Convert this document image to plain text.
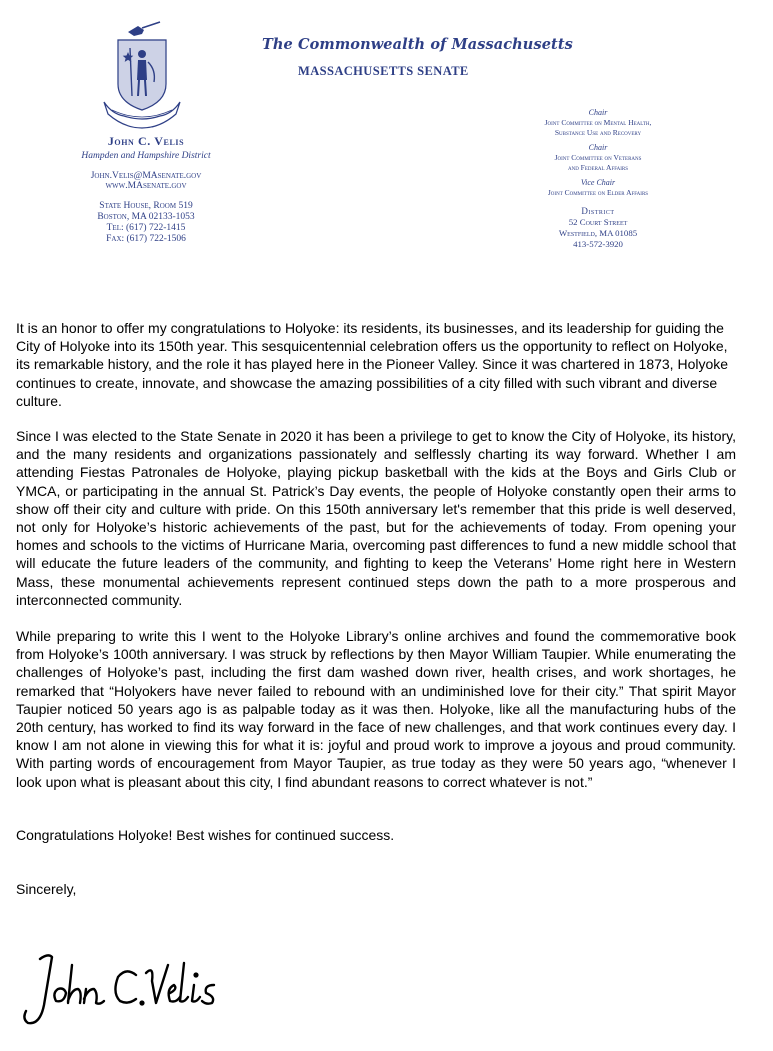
The Commonwealth of Massachusetts
MASSACHUSETTS SENATE
John C. Velis
Hampden and Hampshire District
John.Velis@MAsenate.gov
www.MAsenate.gov
State House, Room 519
Boston, MA 02133-1053
Tel: (617) 722-1415
Fax: (617) 722-1506
Chair
Joint Committee on Mental Health,
Substance Use and Recovery
Chair
Joint Committee on Veterans
and Federal Affairs
Vice Chair
Joint Committee on Elder Affairs
District
52 Court Street
Westfield, MA 01085
413-572-3920

It is an honor to offer my congratulations to Holyoke: its residents, its businesses, and its leadership for guiding the City of Holyoke into its 150th year. This sesquicentennial celebration offers us the opportunity to reflect on Holyoke, its remarkable history, and the role it has played here in the Pioneer Valley. Since it was chartered in 1873, Holyoke continues to create, innovate, and showcase the amazing possibilities of a city filled with such vibrant and diverse culture.

Since I was elected to the State Senate in 2020 it has been a privilege to get to know the City of Holyoke, its history, and the many residents and organizations passionately and selflessly charting its way forward. Whether I am attending Fiestas Patronales de Holyoke, playing pickup basketball with the kids at the Boys and Girls Club or YMCA, or participating in the annual St. Patrick’s Day events, the people of Holyoke constantly open their arms to show off their city and culture with pride. On this 150th anniversary let's remember that this pride is well deserved, not only for Holyoke’s historic achievements of the past, but for the achievements of today. From opening your homes and schools to the victims of Hurricane Maria, overcoming past differences to fund a new middle school that will educate the future leaders of the community, and fighting to keep the Veterans’ Home right here in Western Mass, these monumental achievements represent continued steps down the path to a more prosperous and interconnected community.

While preparing to write this I went to the Holyoke Library’s online archives and found the commemorative book from Holyoke’s 100th anniversary. I was struck by reflections by then Mayor William Taupier. While enumerating the challenges of Holyoke’s past, including the first dam washed down river, health crises, and work shortages, he remarked that “Holyokers have never failed to rebound with an undiminished love for their city.” That spirit Mayor Taupier noticed 50 years ago is as palpable today as it was then. Holyoke, like all the manufacturing hubs of the 20th century, has worked to find its way forward in the face of new challenges, and that work continues every day. I know I am not alone in viewing this for what it is: joyful and proud work to improve a joyous and proud community. With parting words of encouragement from Mayor Taupier, as true today as they were 50 years ago, “whenever I look upon what is pleasant about this city, I find abundant reasons to correct whatever is not.”

Congratulations Holyoke! Best wishes for continued success.

Sincerely,
